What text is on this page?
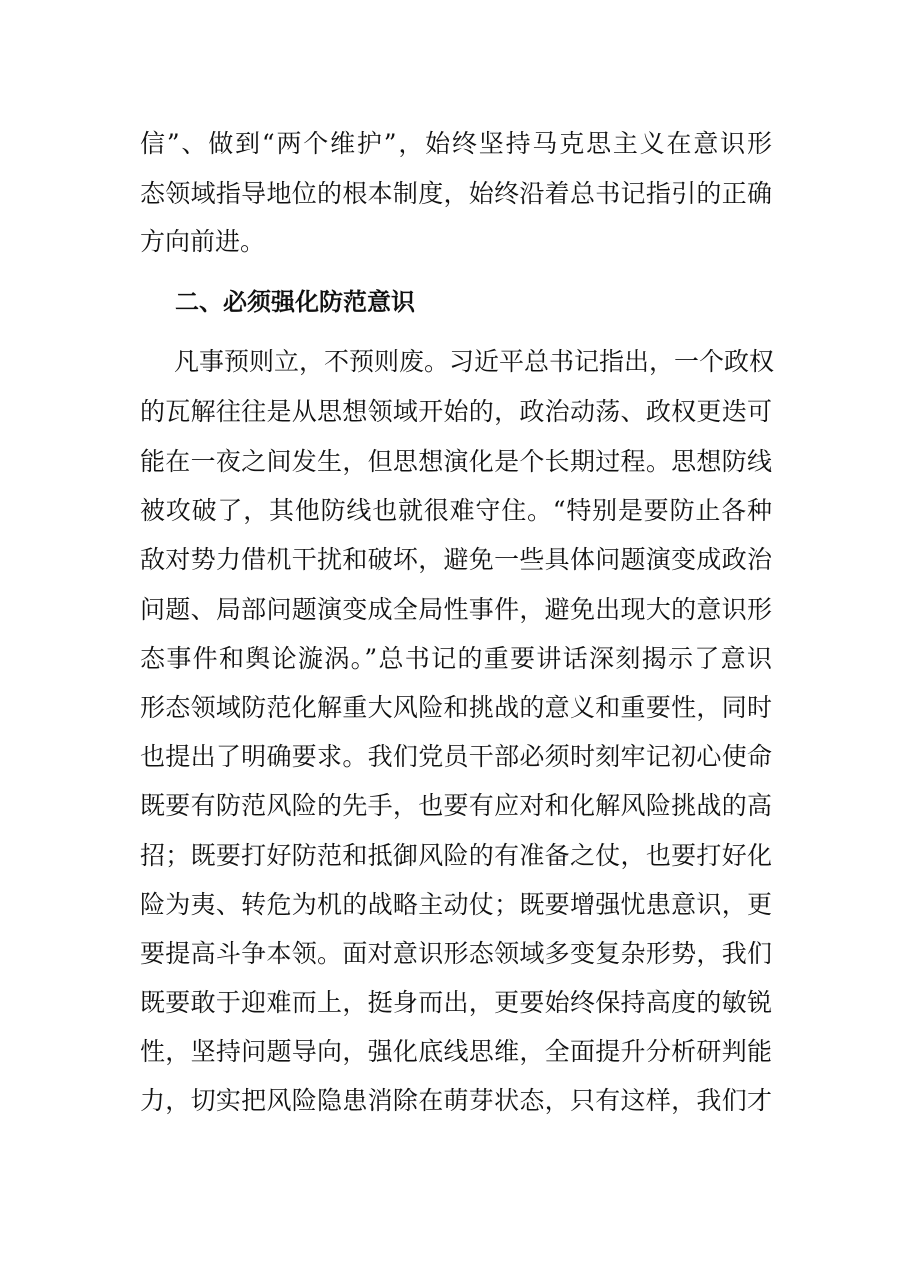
信”、做到“两个维护”，始终坚持马克思主义在意识形
态领域指导地位的根本制度，始终沿着总书记指引的正确
方向前进。
二、必须强化防范意识
凡事预则立，不预则废。习近平总书记指出，一个政权
的瓦解往往是从思想领域开始的，政治动荡、政权更迭可
能在一夜之间发生，但思想演化是个长期过程。思想防线
被攻破了，其他防线也就很难守住。“特别是要防止各种
敌对势力借机干扰和破坏，避免一些具体问题演变成政治
问题、局部问题演变成全局性事件，避免出现大的意识形
态事件和舆论漩涡。”总书记的重要讲话深刻揭示了意识
形态领域防范化解重大风险和挑战的意义和重要性，同时
也提出了明确要求。我们党员干部必须时刻牢记初心使命
既要有防范风险的先手，也要有应对和化解风险挑战的高
招；既要打好防范和抵御风险的有准备之仗，也要打好化
险为夷、转危为机的战略主动仗；既要增强忧患意识，更
要提高斗争本领。面对意识形态领域多变复杂形势，我们
既要敢于迎难而上，挺身而出，更要始终保持高度的敏锐
性，坚持问题导向，强化底线思维，全面提升分析研判能
力，切实把风险隐患消除在萌芽状态，只有这样，我们才
